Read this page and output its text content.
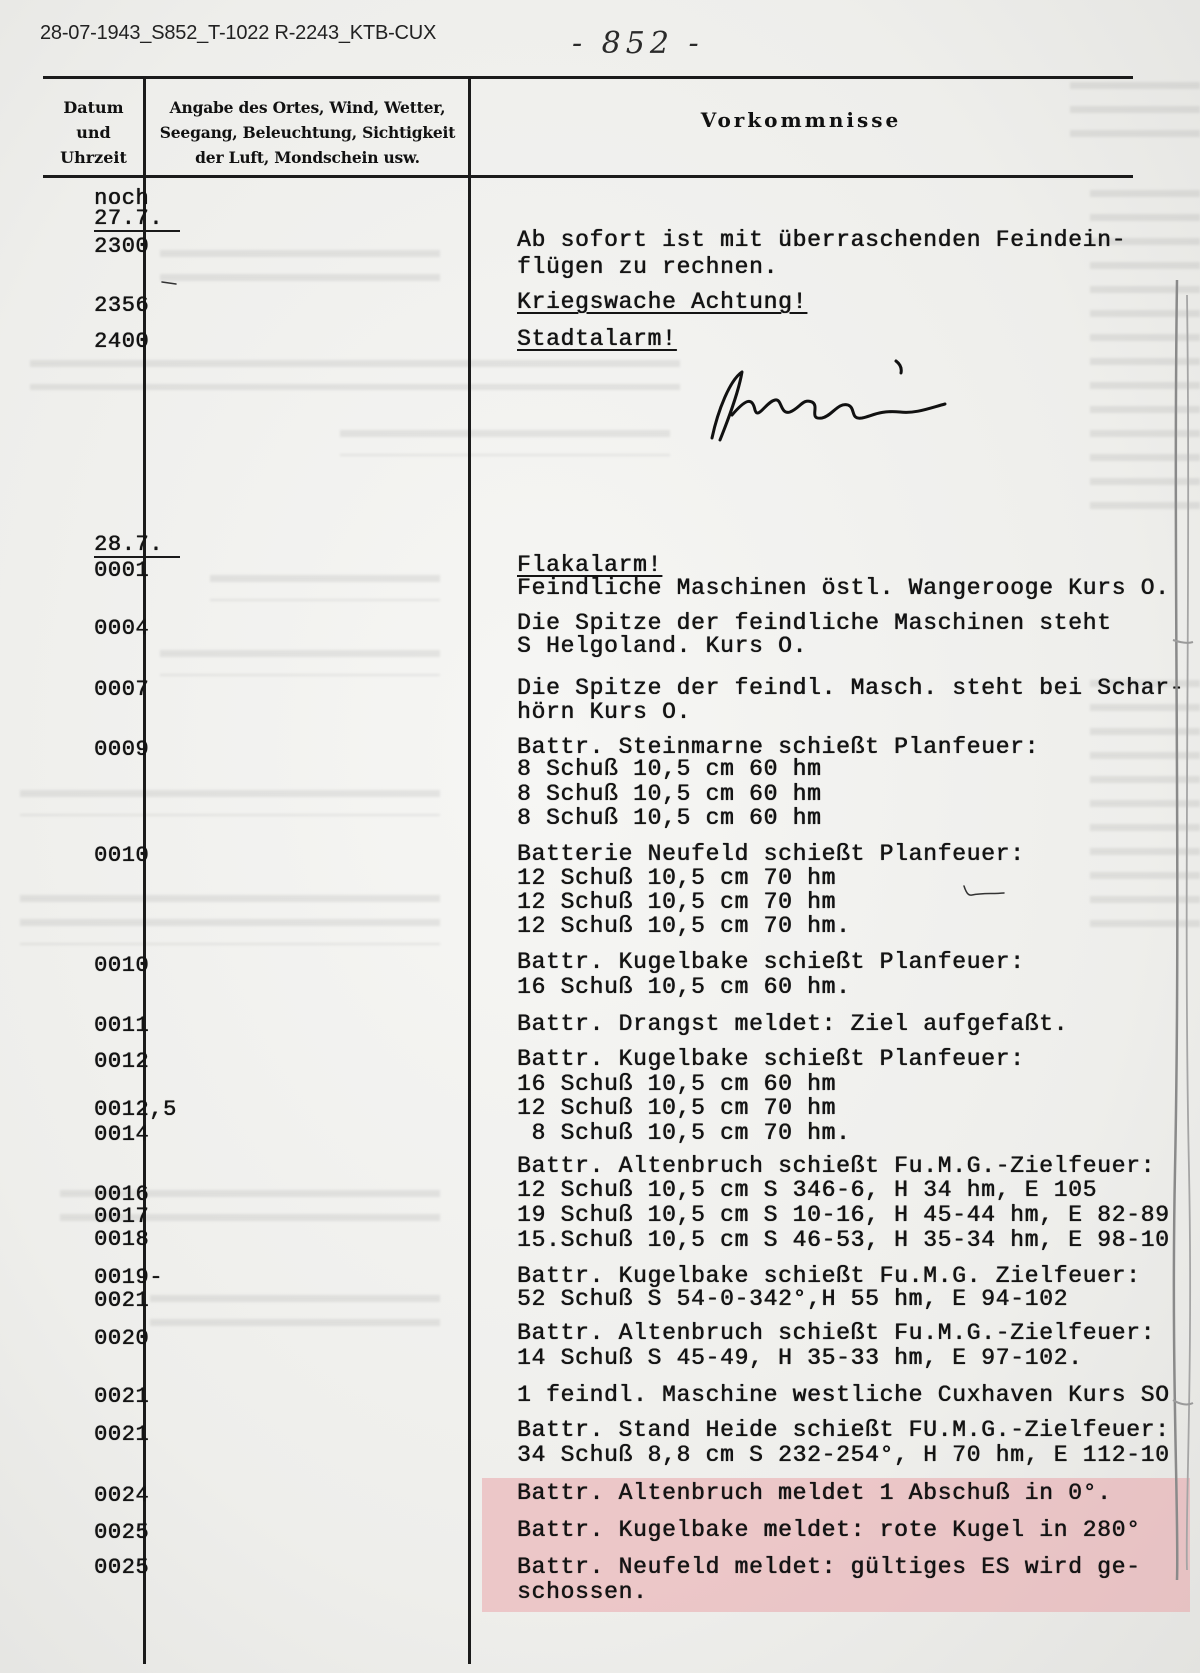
28-07-1943_S852_T-1022 R-2243_KTB-CUX	- 852 -
Datum
und
Uhrzeit
Angabe des Ortes, Wind, Wetter,
Seegang, Beleuchtung, Sichtigkeit
der Luft, Mondschein usw.
Vorkommnisse
noch
27.7.
2300
2356
2400
28.7.
0001
0004
0007
0009
0010
0010
0011
0012
0012,5
0014
0016
0017
0018
0019-
0021
0020
0021
0021
0024
0025
0025
Ab sofort ist mit überraschenden Feindein-
flügen zu rechnen.
Kriegswache Achtung!
Stadtalarm!
Flakalarm!
Feindliche Maschinen östl. Wangerooge Kurs O.
Die Spitze der feindliche Maschinen steht
S Helgoland. Kurs O.
Die Spitze der feindl. Masch. steht bei Schar-
hörn Kurs O.
Battr. Steinmarne schießt Planfeuer:
8 Schuß 10,5 cm 60 hm
8 Schuß 10,5 cm 60 hm
8 Schuß 10,5 cm 60 hm
Batterie Neufeld schießt Planfeuer:
12 Schuß 10,5 cm 70 hm
12 Schuß 10,5 cm 70 hm
12 Schuß 10,5 cm 70 hm.
Battr. Kugelbake schießt Planfeuer:
16 Schuß 10,5 cm 60 hm.
Battr. Drangst meldet: Ziel aufgefaßt.
Battr. Kugelbake schießt Planfeuer:
16 Schuß 10,5 cm 60 hm
12 Schuß 10,5 cm 70 hm
8 Schuß 10,5 cm 70 hm.
Battr. Altenbruch schießt Fu.M.G.-Zielfeuer:
12 Schuß 10,5 cm S 346-6, H 34 hm, E 105
19 Schuß 10,5 cm S 10-16, H 45-44 hm, E 82-89
15.Schuß 10,5 cm S 46-53, H 35-34 hm, E 98-10
Battr. Kugelbake schießt Fu.M.G. Zielfeuer:
52 Schuß S 54-0-342°,H 55 hm, E 94-102
Battr. Altenbruch schießt Fu.M.G.-Zielfeuer:
14 Schuß S 45-49, H 35-33 hm, E 97-102.
1 feindl. Maschine westliche Cuxhaven Kurs SO
Battr. Stand Heide schießt FU.M.G.-Zielfeuer:
34 Schuß 8,8 cm S 232-254°, H 70 hm, E 112-10
Battr. Altenbruch meldet 1 Abschuß in 0°.
Battr. Kugelbake meldet: rote Kugel in 280°
Battr. Neufeld meldet: gültiges ES wird ge-
schossen.
